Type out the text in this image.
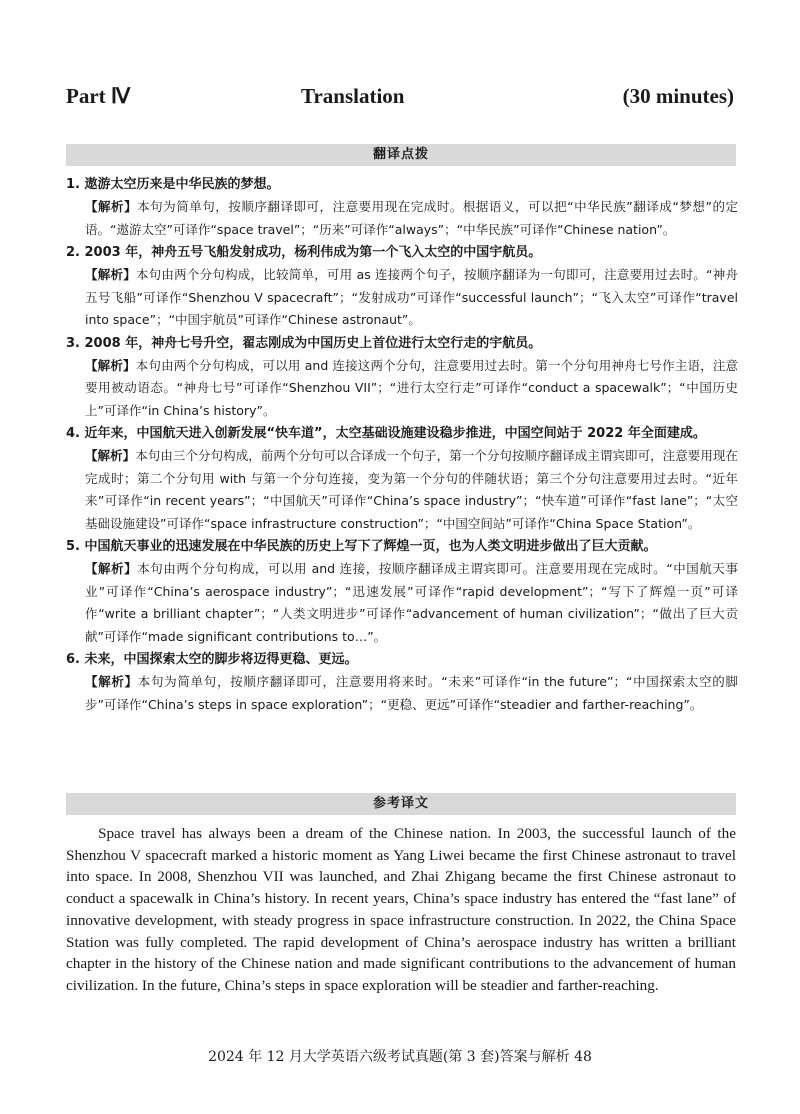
Part Ⅳ	Translation	(30 minutes)
翻译点拨
1. 遨游太空历来是中华民族的梦想。
【解析】本句为简单句，按顺序翻译即可，注意要用现在完成时。根据语义，可以把“中华民族”翻译成“梦想”的定语。“遨游太空”可译作“space travel”；“历来”可译作“always”；“中华民族”可译作“Chinese nation”。
2. 2003 年，神舟五号飞船发射成功，杨利伟成为第一个飞入太空的中国宇航员。
【解析】本句由两个分句构成，比较简单，可用 as 连接两个句子，按顺序翻译为一句即可，注意要用过去时。“神舟五号飞船”可译作“Shenzhou V spacecraft”；“发射成功”可译作“successful launch”；“飞入太空”可译作“travel into space”；“中国宇航员”可译作“Chinese astronaut”。
3. 2008 年，神舟七号升空，翟志刚成为中国历史上首位进行太空行走的宇航员。
【解析】本句由两个分句构成，可以用 and 连接这两个分句，注意要用过去时。第一个分句用神舟七号作主语，注意要用被动语态。“神舟七号”可译作“Shenzhou VII”；“进行太空行走”可译作“conduct a spacewalk”；“中国历史上”可译作“in China’s history”。
4. 近年来，中国航天进入创新发展“快车道”，太空基础设施建设稳步推进，中国空间站于 2022 年全面建成。
【解析】本句由三个分句构成，前两个分句可以合译成一个句子，第一个分句按顺序翻译成主谓宾即可，注意要用现在完成时；第二个分句用 with 与第一个分句连接，变为第一个分句的伴随状语；第三个分句注意要用过去时。“近年来”可译作“in recent years”；“中国航天”可译作“China’s space industry”；“快车道”可译作“fast lane”；“太空基础设施建设”可译作“space infrastructure construction”；“中国空间站”可译作“China Space Station”。
5. 中国航天事业的迅速发展在中华民族的历史上写下了辉煌一页，也为人类文明进步做出了巨大贡献。
【解析】本句由两个分句构成，可以用 and 连接，按顺序翻译成主谓宾即可。注意要用现在完成时。“中国航天事业”可译作“China’s aerospace industry”；“迅速发展”可译作“rapid development”；“写下了辉煌一页”可译作“write a brilliant chapter”；“人类文明进步”可译作“advancement of human civilization”；“做出了巨大贡献”可译作“made significant contributions to…”。
6. 未来，中国探索太空的脚步将迈得更稳、更远。
【解析】本句为简单句，按顺序翻译即可，注意要用将来时。“未来”可译作“in the future”；“中国探索太空的脚步”可译作“China’s steps in space exploration”；“更稳、更远”可译作“steadier and farther-reaching”。
参考译文
Space travel has always been a dream of the Chinese nation. In 2003, the successful launch of the Shenzhou V spacecraft marked a historic moment as Yang Liwei became the first Chinese astronaut to travel into space. In 2008, Shenzhou VII was launched, and Zhai Zhigang became the first Chinese astronaut to conduct a spacewalk in China’s history. In recent years, China’s space industry has entered the “fast lane” of innovative development, with steady progress in space infrastructure construction. In 2022, the China Space Station was fully completed. The rapid development of China’s aerospace industry has written a brilliant chapter in the history of the Chinese nation and made significant contributions to the advancement of human civilization. In the future, China’s steps in space exploration will be steadier and farther-reaching.
2024 年 12 月大学英语六级考试真题(第 3 套)答案与解析 48
